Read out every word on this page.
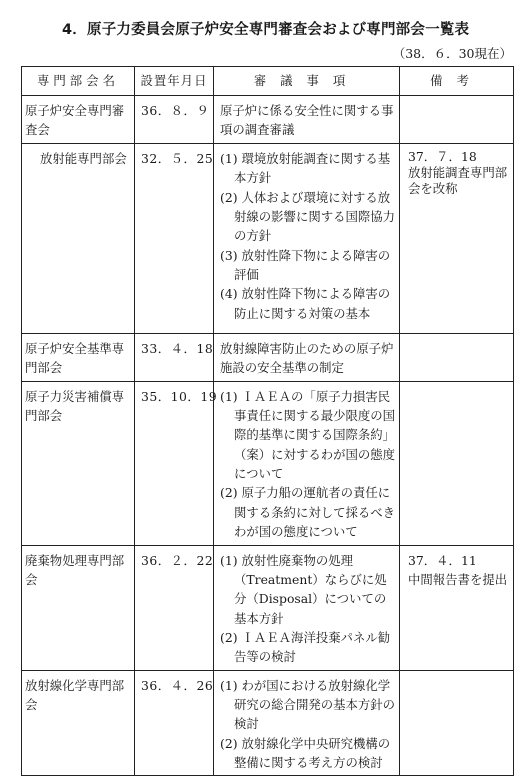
4．原子力委員会原子炉安全専門審査会および専門部会一覧表
（38．６．30現在）
専門部会名	設置年月日	審議事項	備考
原子炉安全専門審査会	36．８．９	原子炉に係る安全性に関する事項の調査審議	
放射能専門部会	32．５．25	(1) 環境放射能調査に関する基本方針
(2) 人体および環境に対する放射線の影響に関する国際協力の方針
(3) 放射性降下物による障害の評価
(4) 放射性降下物による障害の防止に関する対策の基本	37．７．18
放射能調査専門部会を改称

原子炉安全基準専門部会	33．４．18	放射線障害防止のための原子炉施設の安全基準の制定	
原子力災害補償専門部会	35．10．19	(1) ＩＡＥＡの「原子力損害民事責任に関する最少限度の国際的基準に関する国際条約」（案）に対するわが国の態度について
(2) 原子力船の運航者の責任に関する条約に対して採るべきわが国の態度について	

廃棄物処理専門部会	36．２．22	(1) 放射性廃棄物の処理（Treatment）ならびに処分（Disposal）についての基本方針
(2) ＩＡＥＡ海洋投棄パネル勧告等の検討	37．４．11
中間報告書を提出

放射線化学専門部会	36．４．26	(1) わが国における放射線化学研究の総合開発の基本方針の検討
(2) 放射線化学中央研究機構の整備に関する考え方の検討	
